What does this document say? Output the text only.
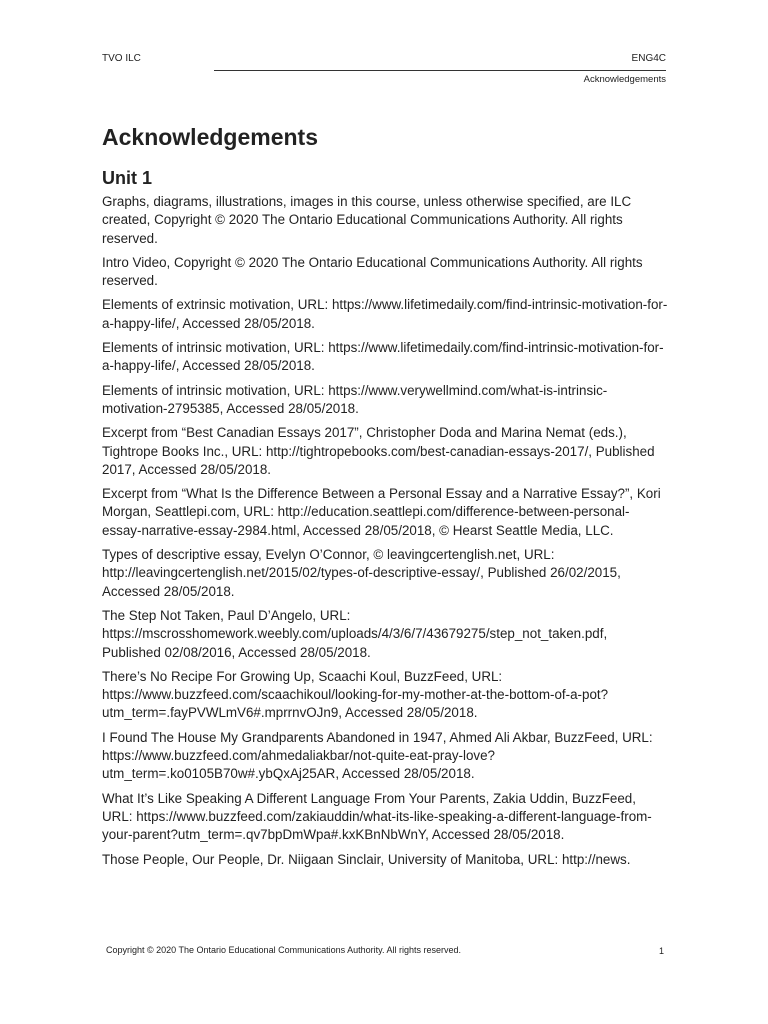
TVO ILC	ENG4C
Acknowledgements
Acknowledgements
Unit 1

Graphs, diagrams, illustrations, images in this course, unless otherwise specified, are ILC created, Copyright © 2020 The Ontario Educational Communications Authority. All rights reserved.

Intro Video, Copyright © 2020 The Ontario Educational Communications Authority. All rights reserved.

Elements of extrinsic motivation, URL: https://www.lifetimedaily.com/find-intrinsic-motivation-for-a-happy-life/, Accessed 28/05/2018.

Elements of intrinsic motivation, URL: https://www.lifetimedaily.com/find-intrinsic-motivation-for-a-happy-life/, Accessed 28/05/2018.

Elements of intrinsic motivation, URL: https://www.verywellmind.com/what-is-intrinsic-motivation-2795385, Accessed 28/05/2018.

Excerpt from “Best Canadian Essays 2017”, Christopher Doda and Marina Nemat (eds.), Tightrope Books Inc., URL: http://tightropebooks.com/best-canadian-essays-2017/, Published 2017, Accessed 28/05/2018.

Excerpt from “What Is the Difference Between a Personal Essay and a Narrative Essay?”, Kori Morgan, Seattlepi.com, URL: http://education.seattlepi.com/difference-between-personal-essay-narrative-essay-2984.html, Accessed 28/05/2018, © Hearst Seattle Media, LLC.

Types of descriptive essay, Evelyn O’Connor, © leavingcertenglish.net, URL: http://leavingcertenglish.net/2015/02/types-of-descriptive-essay/, Published 26/02/2015, Accessed 28/05/2018.

The Step Not Taken, Paul D’Angelo, URL: https://mscrosshomework.weebly.com/uploads/4/3/6/7/43679275/step_not_taken.pdf, Published 02/08/2016, Accessed 28/05/2018.

There’s No Recipe For Growing Up, Scaachi Koul, BuzzFeed, URL: https://www.buzzfeed.com/scaachikoul/looking-for-my-mother-at-the-bottom-of-a-pot?utm_term=.fayPVWLmV6#.mprrnvOJn9, Accessed 28/05/2018.

I Found The House My Grandparents Abandoned in 1947, Ahmed Ali Akbar, BuzzFeed, URL: https://www.buzzfeed.com/ahmedaliakbar/not-quite-eat-pray-love?utm_term=.ko0105B70w#.ybQxAj25AR, Accessed 28/05/2018.

What It’s Like Speaking A Different Language From Your Parents, Zakia Uddin, BuzzFeed, URL: https://www.buzzfeed.com/zakiauddin/what-its-like-speaking-a-different-language-from-your-parent?utm_term=.qv7bpDmWpa#.kxKBnNbWnY, Accessed 28/05/2018.

Those People, Our People, Dr. Niigaan Sinclair, University of Manitoba, URL: http://news.

Copyright © 2020 The Ontario Educational Communications Authority. All rights reserved.	1
